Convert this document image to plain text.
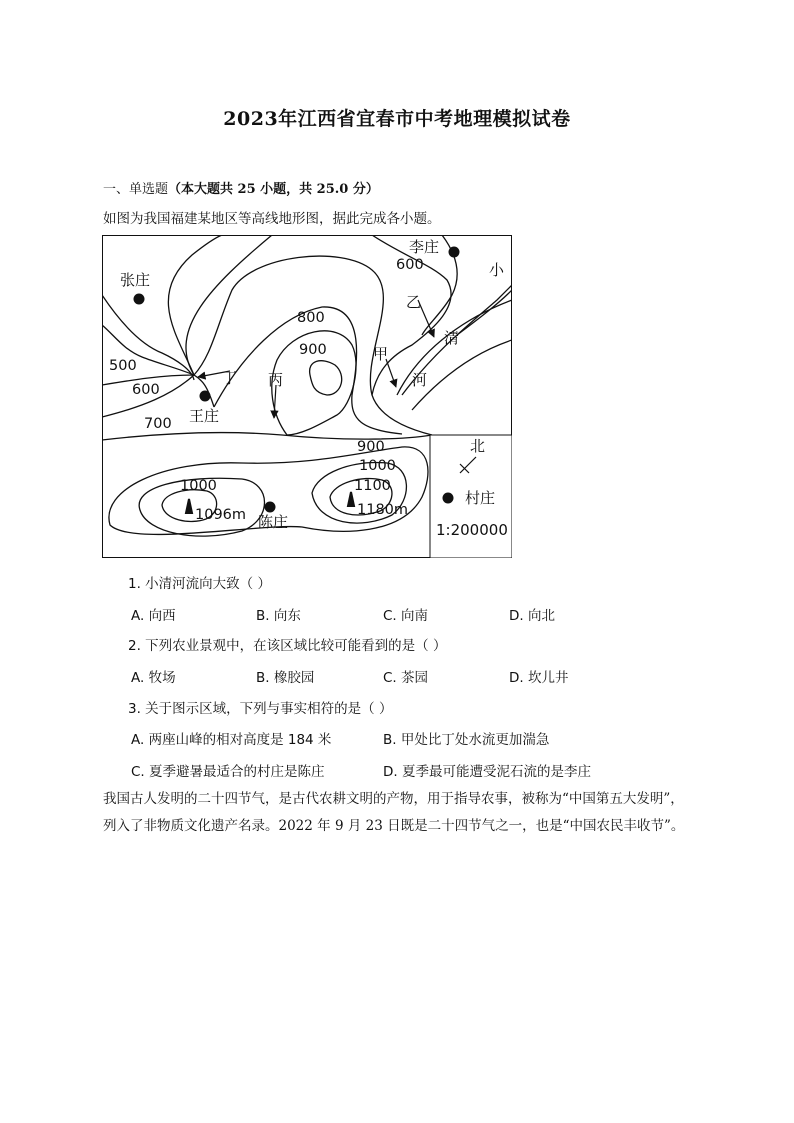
2023年江西省宜春市中考地理模拟试卷
一、单选题（本大题共 25 小题，共 25.0 分）
如图为我国福建某地区等高线地形图，据此完成各小题。
张庄
李庄
王庄
陈庄
村庄
乙
甲
丙
丁
小
清
河
600
800
900
500
600
700
900
1000
1000	1100
1096m	1180m
北
1:200000
1. 小清河流向大致（ ）
A. 向西	B. 向东	C. 向南	D. 向北
2. 下列农业景观中，在该区域比较可能看到的是（ ）
A. 牧场	B. 橡胶园	C. 茶园	D. 坎儿井
3. 关于图示区域，下列与事实相符的是（ ）
A. 两座山峰的相对高度是 184 米	B. 甲处比丁处水流更加湍急
C. 夏季避暑最适合的村庄是陈庄	D. 夏季最可能遭受泥石流的是李庄
我国古人发明的二十四节气，是古代农耕文明的产物，用于指导农事，被称为“中国第五大发明”，
列入了非物质文化遗产名录。2022 年 9 月 23 日既是二十四节气之一，也是“中国农民丰收节”。
